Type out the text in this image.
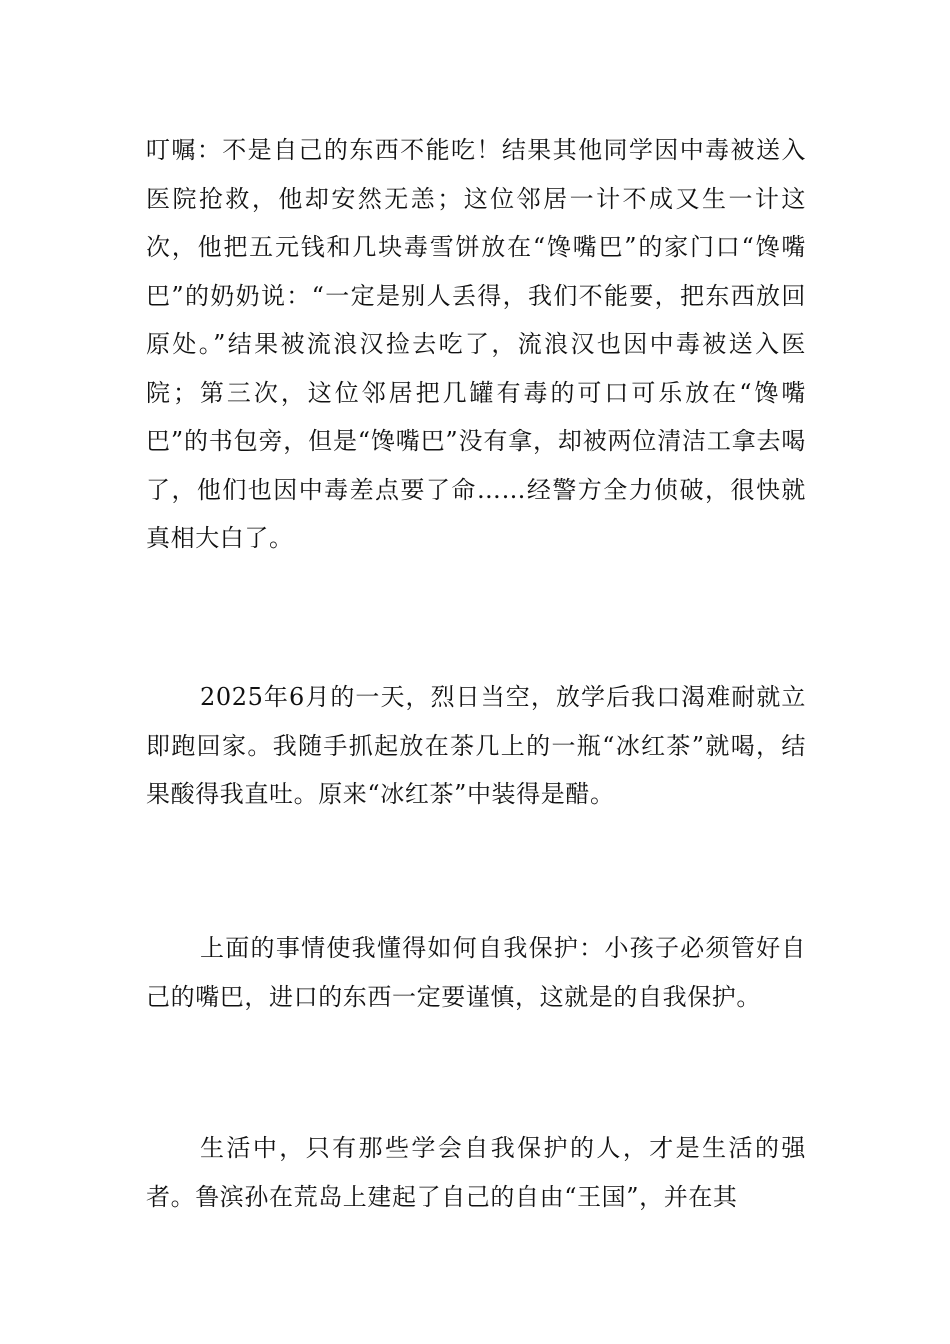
叮嘱：不是自己的东西不能吃！结果其他同学因中毒被送入医院抢救，他却安然无恙；这位邻居一计不成又生一计这次，他把五元钱和几块毒雪饼放在“馋嘴巴”的家门口“馋嘴巴”的奶奶说：“一定是别人丢得，我们不能要，把东西放回原处。”结果被流浪汉捡去吃了，流浪汉也因中毒被送入医院；第三次，这位邻居把几罐有毒的可口可乐放在“馋嘴巴”的书包旁，但是“馋嘴巴”没有拿，却被两位清洁工拿去喝了，他们也因中毒差点要了命……经警方全力侦破，很快就真相大白了。

2025年6月的一天，烈日当空，放学后我口渴难耐就立即跑回家。我随手抓起放在茶几上的一瓶“冰红茶”就喝，结果酸得我直吐。原来“冰红茶”中装得是醋。

上面的事情使我懂得如何自我保护：小孩子必须管好自己的嘴巴，进口的东西一定要谨慎，这就是的自我保护。

生活中，只有那些学会自我保护的人，才是生活的强者。鲁滨孙在荒岛上建起了自己的自由“王国”，并在其
